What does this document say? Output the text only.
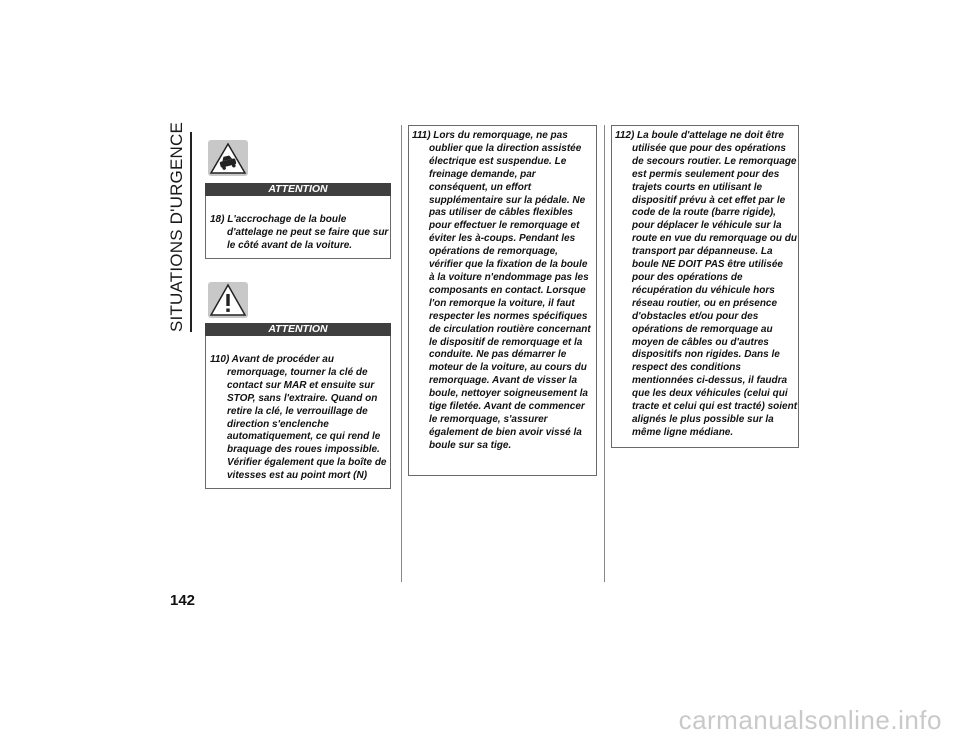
SITUATIONS D'URGENCE
142
ATTENTION

18) L'accrochage de la boule d'attelage ne peut se faire que sur le côté avant de la voiture.

ATTENTION

110) Avant de procéder au remorquage, tourner la clé de contact sur MAR et ensuite sur STOP, sans l'extraire. Quand on retire la clé, le verrouillage de direction s'enclenche automatiquement, ce qui rend le braquage des roues impossible. Vérifier également que la boîte de vitesses est au point mort (N)

111) Lors du remorquage, ne pas oublier que la direction assistée électrique est suspendue. Le freinage demande, par conséquent, un effort supplémentaire sur la pédale. Ne pas utiliser de câbles flexibles pour effectuer le remorquage et éviter les à-coups. Pendant les opérations de remorquage, vérifier que la fixation de la boule à la voiture n'endommage pas les composants en contact. Lorsque l'on remorque la voiture, il faut respecter les normes spécifiques de circulation routière concernant le dispositif de remorquage et la conduite. Ne pas démarrer le moteur de la voiture, au cours du remorquage. Avant de visser la boule, nettoyer soigneusement la tige filetée. Avant de commencer le remorquage, s'assurer également de bien avoir vissé la boule sur sa tige.

112) La boule d'attelage ne doit être utilisée que pour des opérations de secours routier. Le remorquage est permis seulement pour des trajets courts en utilisant le dispositif prévu à cet effet par le code de la route (barre rigide), pour déplacer le véhicule sur la route en vue du remorquage ou du transport par dépanneuse. La boule NE DOIT PAS être utilisée pour des opérations de récupération du véhicule hors réseau routier, ou en présence d'obstacles et/ou pour des opérations de remorquage au moyen de câbles ou d'autres dispositifs non rigides. Dans le respect des conditions mentionnées ci-dessus, il faudra que les deux véhicules (celui qui tracte et celui qui est tracté) soient alignés le plus possible sur la même ligne médiane.

carmanualsonline.info
